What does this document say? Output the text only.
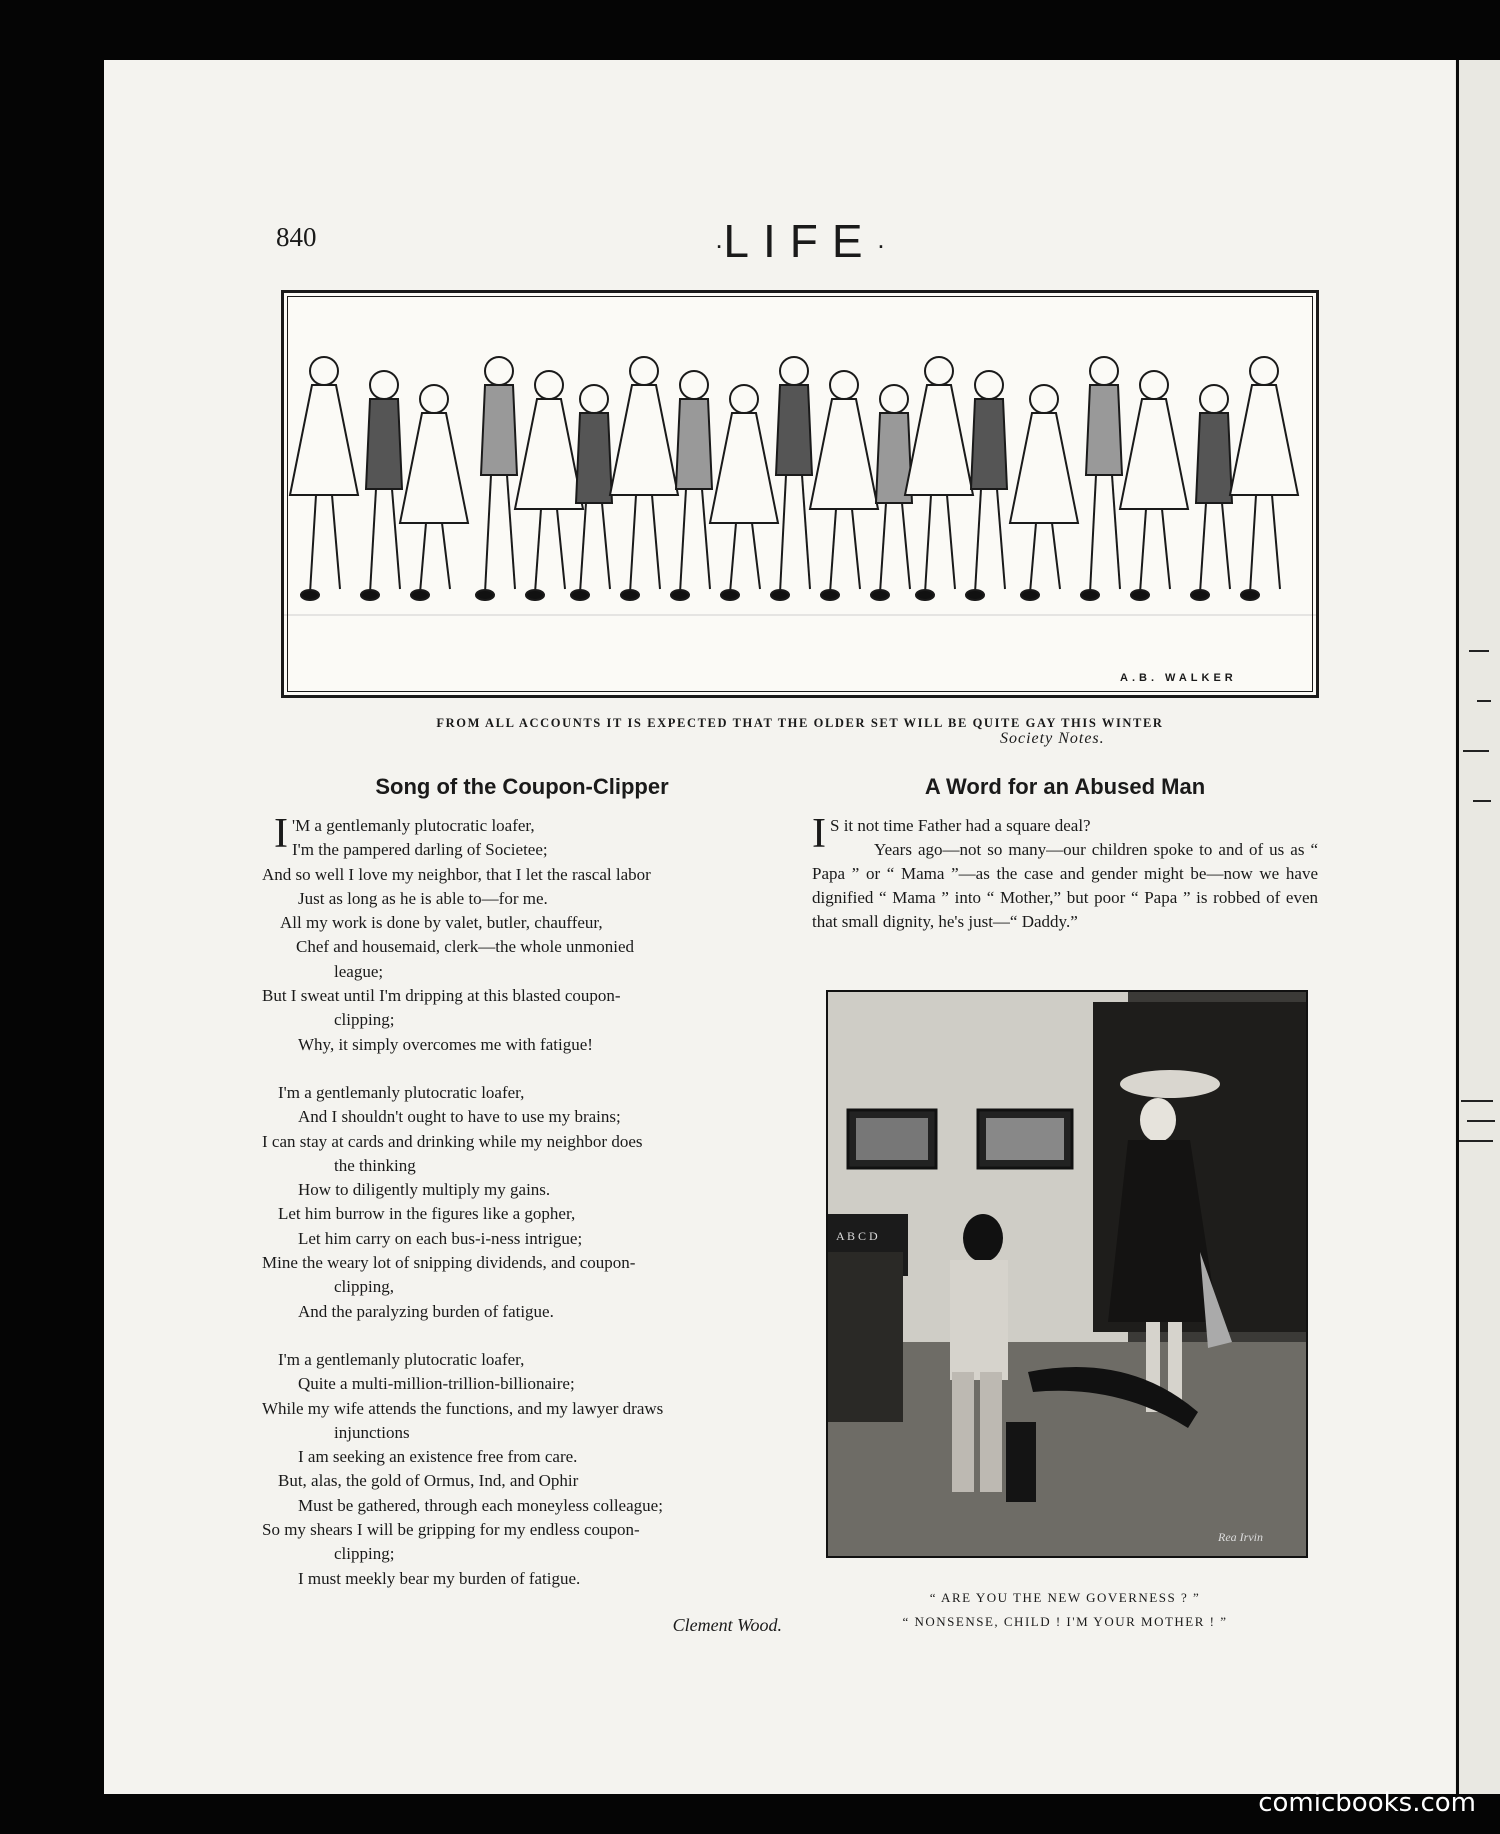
840	·LIFE·
A.B. WALKER
FROM ALL ACCOUNTS IT IS EXPECTED THAT THE OLDER SET WILL BE QUITE GAY THIS WINTER
Society Notes.
Song of the Coupon-Clipper

I 'M a gentlemanly plutocratic loafer,

I'm the pampered darling of Societee;

And so well I love my neighbor, that I let the rascal labor

Just as long as he is able to—for me.

All my work is done by valet, butler, chauffeur,

Chef and housemaid, clerk—the whole unmonied

league;

But I sweat until I'm dripping at this blasted coupon-

clipping;

Why, it simply overcomes me with fatigue!

I'm a gentlemanly plutocratic loafer,

And I shouldn't ought to have to use my brains;

I can stay at cards and drinking while my neighbor does

the thinking

How to diligently multiply my gains.

Let him burrow in the figures like a gopher,

Let him carry on each bus-i-ness intrigue;

Mine the weary lot of snipping dividends, and coupon-

clipping,

And the paralyzing burden of fatigue.

I'm a gentlemanly plutocratic loafer,

Quite a multi-million-trillion-billionaire;

While my wife attends the functions, and my lawyer draws

injunctions

I am seeking an existence free from care.

But, alas, the gold of Ormus, Ind, and Ophir

Must be gathered, through each moneyless colleague;

So my shears I will be gripping for my endless coupon-

clipping;

I must meekly bear my burden of fatigue.

Clement Wood.
A Word for an Abused Man

I S it not time Father had a square deal?

Years ago—not so many—our children spoke to and of us as “ Papa ” or “ Mama ”—as the case and gender might be—now we have dignified “ Mama ” into “ Mother,” but poor “ Papa ” is robbed of even that small dignity, he's just—“ Daddy.”

A B C D
Rea Irvin
“ ARE YOU THE NEW GOVERNESS ? ”
“ NONSENSE, CHILD ! I'M YOUR MOTHER ! ”
comicbooks.com
